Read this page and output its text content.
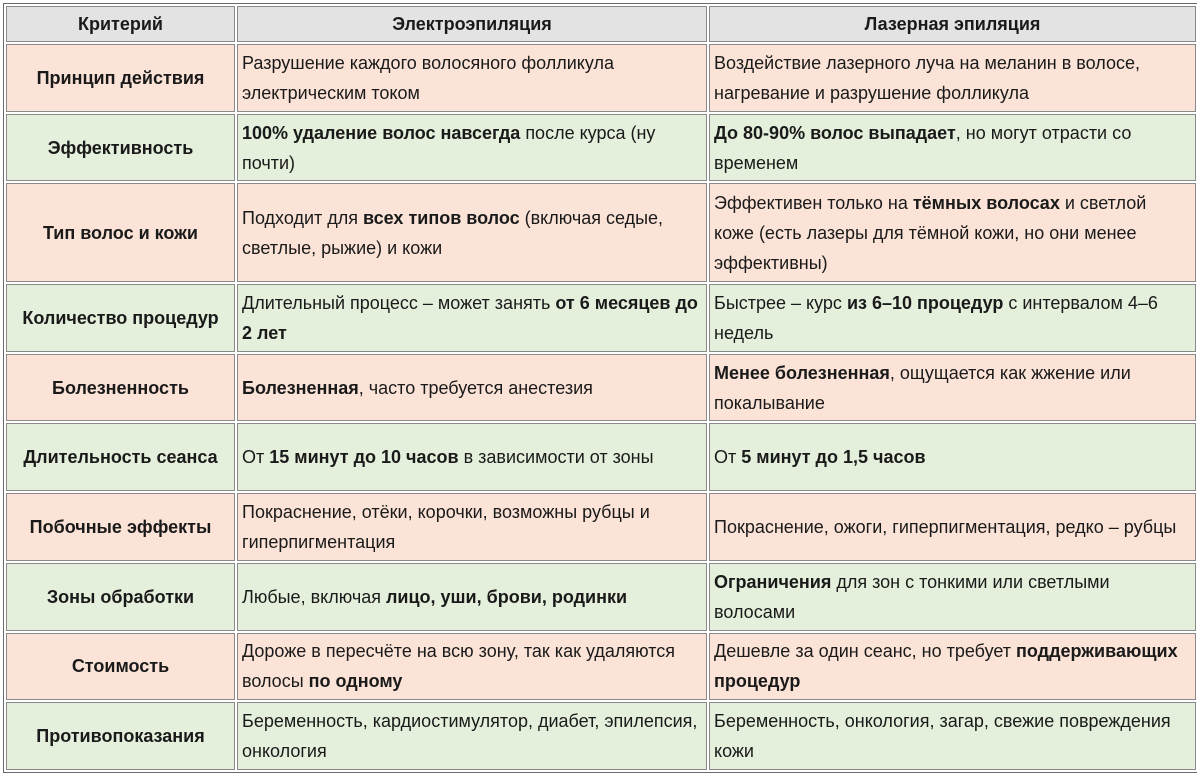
Критерий	Электроэпиляция	Лазерная эпиляция
Принцип действия	Разрушение каждого волосяного фолликула электрическим током	Воздействие лазерного луча на меланин в волосе, нагревание и разрушение фолликула
Эффективность	100% удаление волос навсегда после курса (ну почти)	До 80-90% волос выпадает, но могут отрасти со временем
Тип волос и кожи	Подходит для всех типов волос (включая седые, светлые, рыжие) и кожи	Эффективен только на тёмных волосах и светлой коже (есть лазеры для тёмной кожи, но они менее эффективны)
Количество процедур	Длительный процесс – может занять от 6 месяцев до 2 лет	Быстрее – курс из 6–10 процедур с интервалом 4–6 недель
Болезненность	Болезненная, часто требуется анестезия	Менее болезненная, ощущается как жжение или покалывание
Длительность сеанса	От 15 минут до 10 часов в зависимости от зоны	От 5 минут до 1,5 часов
Побочные эффекты	Покраснение, отёки, корочки, возможны рубцы и гиперпигментация	Покраснение, ожоги, гиперпигментация, редко – рубцы
Зоны обработки	Любые, включая лицо, уши, брови, родинки	Ограничения для зон с тонкими или светлыми волосами
Стоимость	Дороже в пересчёте на всю зону, так как удаляются волосы по одному	Дешевле за один сеанс, но требует поддерживающих процедур
Противопоказания	Беременность, кардиостимулятор, диабет, эпилепсия, онкология	Беременность, онкология, загар, свежие повреждения кожи
